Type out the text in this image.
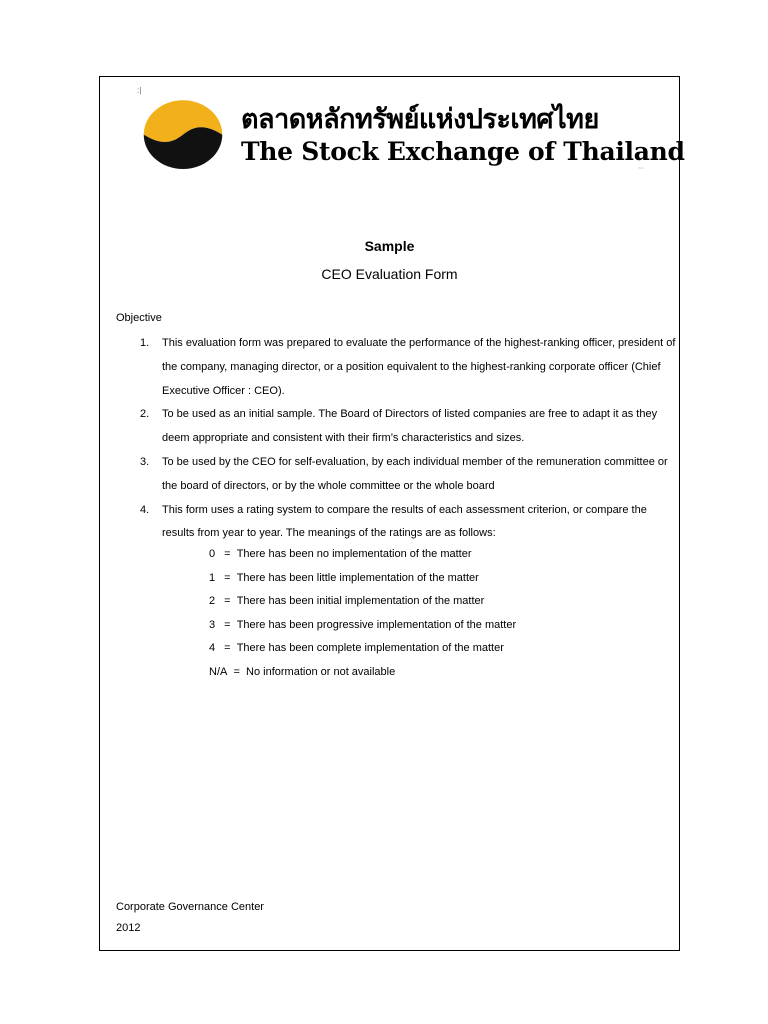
:|
ตลาดหลักทรัพย์แห่งประเทศไทย
The Stock Exchange of Thailand
~~
Sample
CEO Evaluation Form
Objective
1. This evaluation form was prepared to evaluate the performance of the highest-ranking officer, president of the company, managing director, or a position equivalent to the highest-ranking corporate officer (Chief Executive Officer : CEO).
2. To be used as an initial sample. The Board of Directors of listed companies are free to adapt it as they deem appropriate and consistent with their firm’s characteristics and sizes.
3. To be used by the CEO for self-evaluation, by each individual member of the remuneration committee or the board of directors, or by the whole committee or the whole board
4. This form uses a rating system to compare the results of each assessment criterion, or compare the results from year to year. The meanings of the ratings are as follows:
0 = There has been no implementation of the matter
1 = There has been little implementation of the matter
2 = There has been initial implementation of the matter
3 = There has been progressive implementation of the matter
4 = There has been complete implementation of the matter
N/A = No information or not available
Corporate Governance Center
2012
